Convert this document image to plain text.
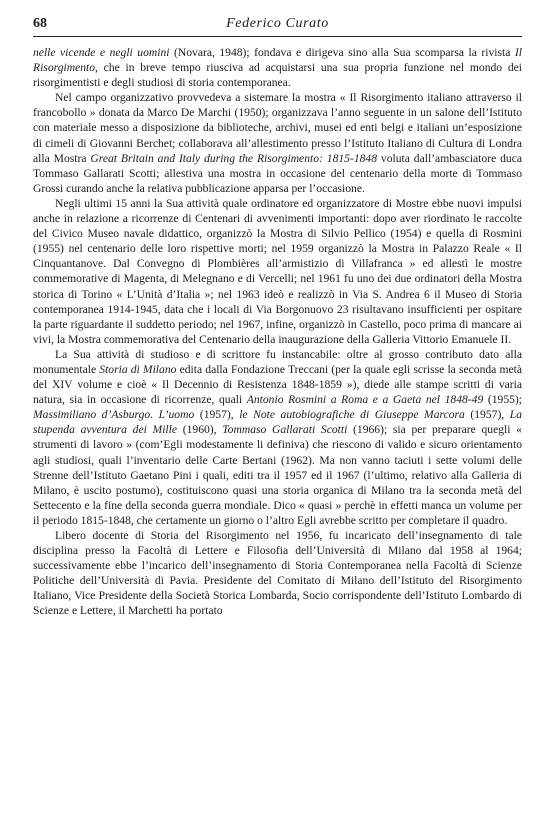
68	Federico Curato

nelle vicende e negli uomini (Novara, 1948); fondava e dirigeva sino alla Sua scomparsa la rivista Il Risorgimento, che in breve tempo riusciva ad acquistarsi una sua propria funzione nel mondo dei risorgimentisti e degli studiosi di storia contemporanea.

Nel campo organizzativo provvedeva a sistemare la mostra « Il Risorgimento italiano attraverso il francobollo » donata da Marco De Marchi (1950); organizzava l’anno seguente in un salone dell’Istituto con materiale messo a disposizione da biblioteche, archivi, musei ed enti belgi e italiani un’esposizione di cimeli di Giovanni Berchet; collaborava all’allestimento presso l’Istituto Italiano di Cultura di Londra alla Mostra Great Britain and Italy during the Risorgimento: 1815-1848 voluta dall’ambasciatore duca Tommaso Gallarati Scotti; allestiva una mostra in occasione del centenario della morte di Tommaso Grossi curando anche la relativa pubblicazione apparsa per l’occasione.

Negli ultimi 15 anni la Sua attività quale ordinatore ed organizzatore di Mostre ebbe nuovi impulsi anche in relazione a ricorrenze di Centenari di avvenimenti importanti: dopo aver riordinato le raccolte del Civico Museo navale didattico, organizzò la Mostra di Silvio Pellico (1954) e quella di Rosmini (1955) nel centenario delle loro rispettive morti; nel 1959 organizzò la Mostra in Palazzo Reale « Il Cinquantanove. Dal Convegno di Plombières all’armistizio di Villafranca » ed allestì le mostre commemorative di Magenta, di Melegnano e di Vercelli; nel 1961 fu uno dei due ordinatori della Mostra storica di Torino « L’Unità d’Italia »; nel 1963 ideò e realizzò in Via S. Andrea 6 il Museo di Storia contemporanea 1914-1945, data che i locali di Via Borgonuovo 23 risultavano insufficienti per ospitare la parte riguardante il suddetto periodo; nel 1967, infine, organizzò in Castello, poco prima di mancare ai vivi, la Mostra commemorativa del Centenario della inaugurazione della Galleria Vittorio Emanuele II.

La Sua attività di studioso e di scrittore fu instancabile: oltre al grosso contributo dato alla monumentale Storia di Milano edita dalla Fondazione Treccani (per la quale egli scrisse la seconda metà del XIV volume e cioè « Il Decennio di Resistenza 1848-1859 »), diede alle stampe scritti di varia natura, sia in occasione di ricorrenze, quali Antonio Rosmini a Roma e a Gaeta nel 1848-49 (1955); Massimiliano d’Asburgo. L’uomo (1957), le Note autobiografiche di Giuseppe Marcora (1957), La stupenda avventura dei Mille (1960), Tommaso Gallarati Scotti (1966); sia per preparare quegli « strumenti di lavoro » (com’Egli modestamente li definiva) che riescono di valido e sicuro orientamento agli studiosi, quali l’inventario delle Carte Bertani (1962). Ma non vanno taciuti i sette volumi delle Strenne dell’Istituto Gaetano Pini i quali, editi tra il 1957 ed il 1967 (l’ultimo, relativo alla Galleria di Milano, è uscito postumo), costituiscono quasi una storia organica di Milano tra la seconda metà del Settecento e la fine della seconda guerra mondiale. Dico « quasi » perchè in effetti manca un volume per il periodo 1815-1848, che certamente un giorno o l’altro Egli avrebbe scritto per completare il quadro.

Libero docente di Storia del Risorgimento nel 1956, fu incaricato dell’insegnamento di tale disciplina presso la Facoltà di Lettere e Filosofia dell’Università di Milano dal 1958 al 1964; successivamente ebbe l’incarico dell’insegnamento di Storia Contemporanea nella Facoltà di Scienze Politiche dell’Università di Pavia. Presidente del Comitato di Milano dell’Istituto del Risorgimento Italiano, Vice Presidente della Società Storica Lombarda, Socio corrispondente dell’Istituto Lombardo di Scienze e Lettere, il Marchetti ha portato
